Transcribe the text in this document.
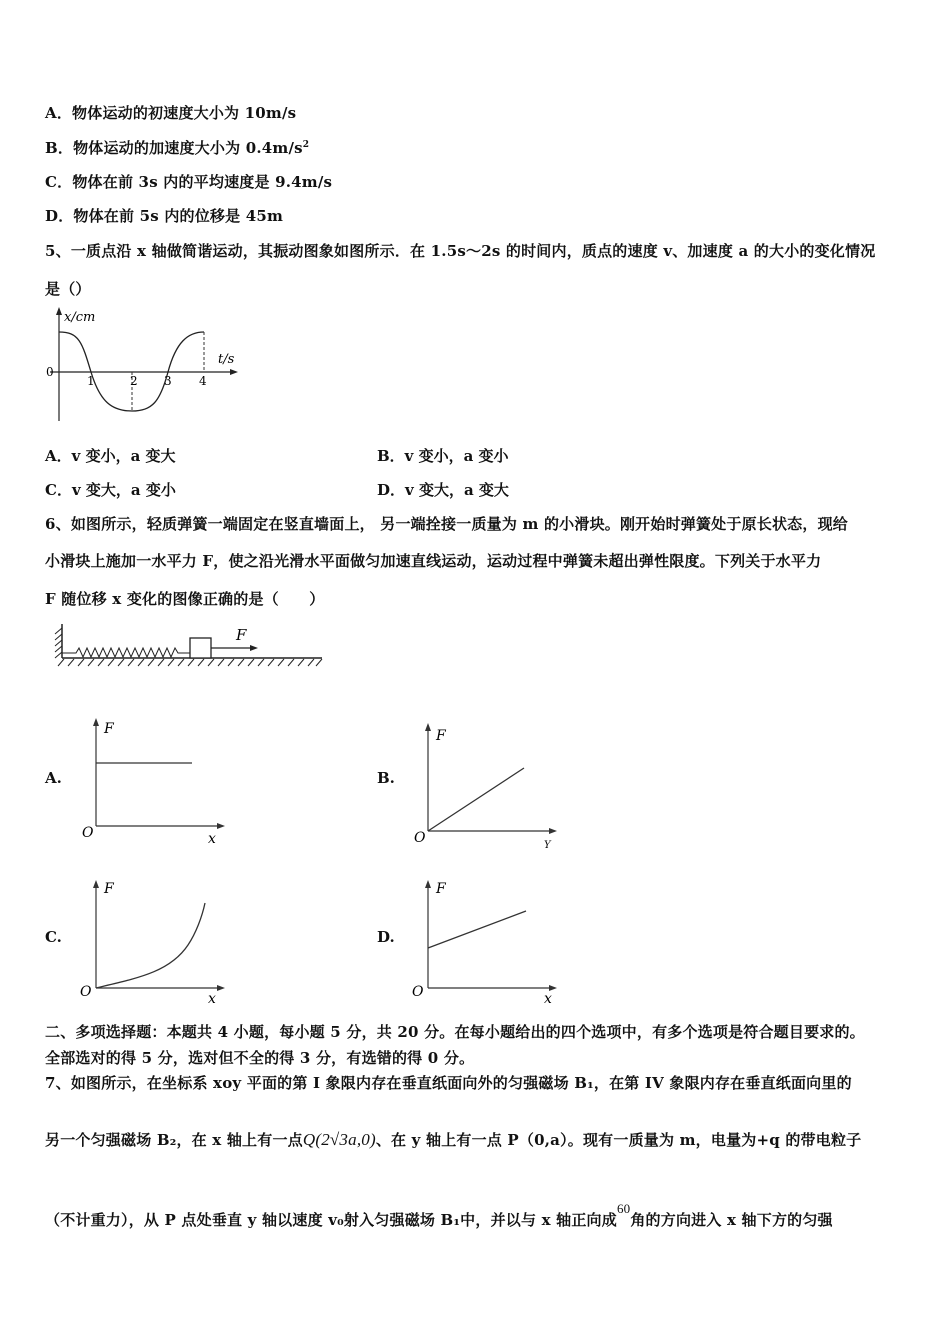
A．物体运动的初速度大小为 10m/s
B．物体运动的加速度大小为 $0.4m/s^2$
C．物体在前 3s 内的平均速度是 9.4m/s
D．物体在前 5s 内的位移是 45m
5、一质点沿 x 轴做简谐运动，其振动图象如图所示．在 1.5s～2s 的时间内，质点的速度 v、加速度 a 的大小的变化情况
是（）
x/cm
t/s
0
1	2 3 4
A．v 变小，a 变大	B．v 变小，a 变小
C．v 变大，a 变小	D．v 变大，a 变大
6、如图所示，轻质弹簧一端固定在竖直墙面上， 另一端拴接一质量为 m 的小滑块。刚开始时弹簧处于原长状态，现给
小滑块上施加一水平力 F，使之沿光滑水平面做匀加速直线运动，运动过程中弹簧未超出弹性限度。下列关于水平力
F 随位移 x 变化的图像正确的是（　　）
F
A.
F
x
O
B.
F
Y
O
C.
F
x
O
D.
F
x
O
二、多项选择题：本题共 4 小题，每小题 5 分，共 20 分。在每小题给出的四个选项中，有多个选项是符合题目要求的。
全部选对的得 5 分，选对但不全的得 3 分，有选错的得 0 分。
7、如图所示，在坐标系 xoy 平面的第 I 象限内存在垂直纸面向外的匀强磁场 B₁，在第 IV 象限内存在垂直纸面向里的
另一个匀强磁场 B₂，在 x 轴上有一点Q(2√3a,0)、在 y 轴上有一点 P（0,a）。现有一质量为 m，电量为+q 的带电粒子
（不计重力），从 P 点处垂直 y 轴以速度 v₀射入匀强磁场 B₁中，并以与 x 轴正向成60角的方向进入 x 轴下方的匀强
